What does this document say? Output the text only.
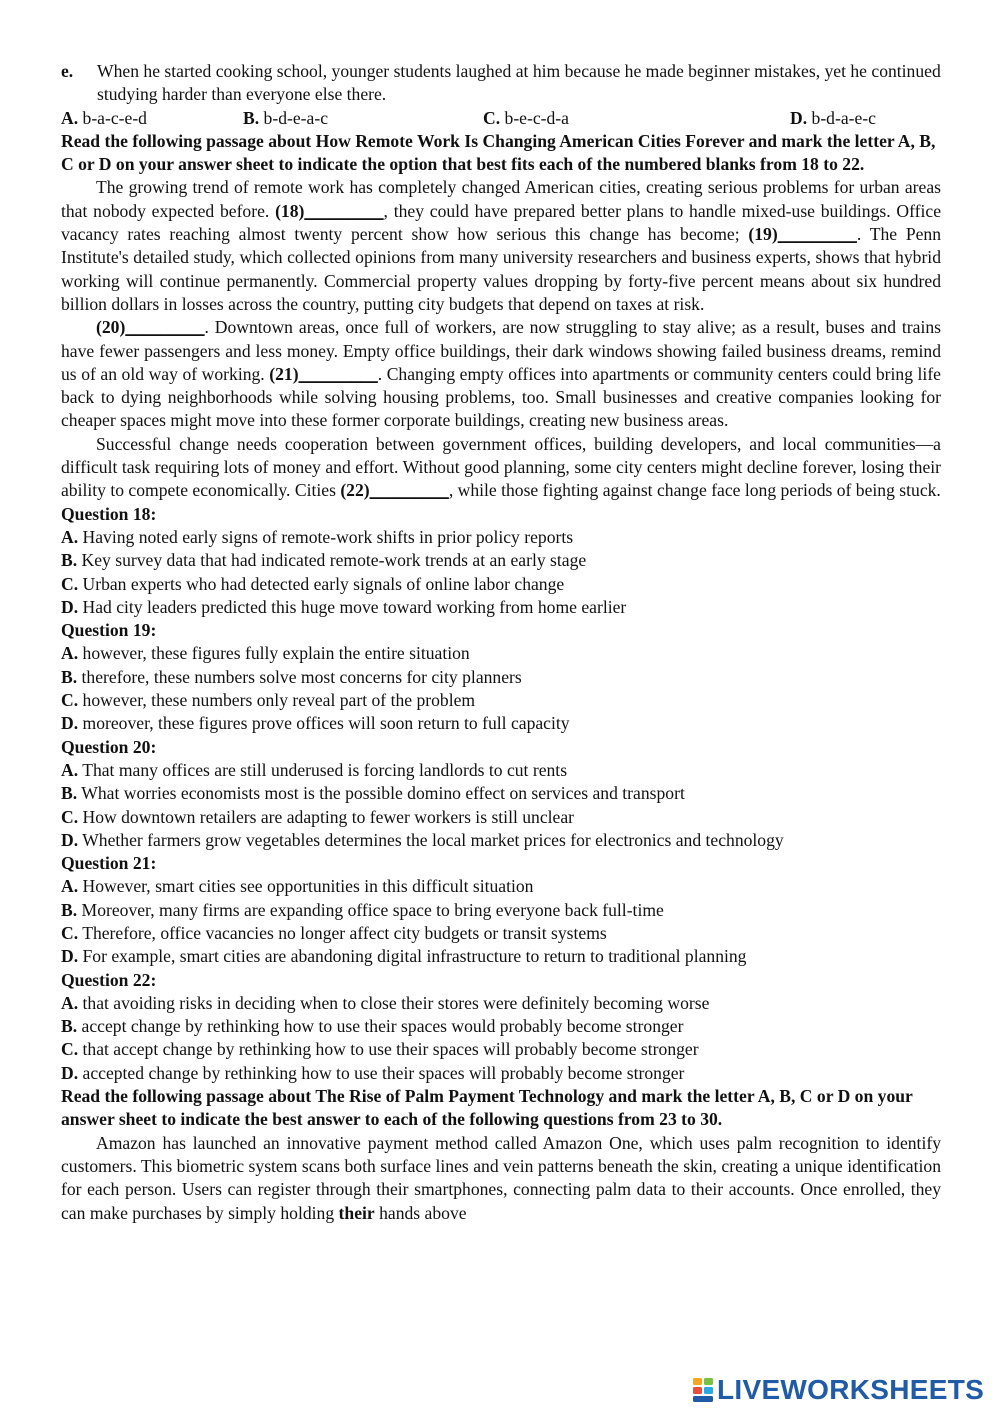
e.	When he started cooking school, younger students laughed at him because he made beginner mistakes, yet he continued studying harder than everyone else there.
A. b-a-c-e-d	B. b-d-e-a-c	C. b-e-c-d-a	D. b-d-a-e-c
Read the following passage about How Remote Work Is Changing American Cities Forever and mark the letter A, B, C or D on your answer sheet to indicate the option that best fits each of the numbered blanks from 18 to 22.

The growing trend of remote work has completely changed American cities, creating serious problems for urban areas that nobody expected before. (18)_________, they could have prepared better plans to handle mixed-use buildings. Office vacancy rates reaching almost twenty percent show how serious this change has become; (19)_________. The Penn Institute's detailed study, which collected opinions from many university researchers and business experts, shows that hybrid working will continue permanently. Commercial property values dropping by forty-five percent means about six hundred billion dollars in losses across the country, putting city budgets that depend on taxes at risk.

(20)_________. Downtown areas, once full of workers, are now struggling to stay alive; as a result, buses and trains have fewer passengers and less money. Empty office buildings, their dark windows showing failed business dreams, remind us of an old way of working. (21)_________. Changing empty offices into apartments or community centers could bring life back to dying neighborhoods while solving housing problems, too. Small businesses and creative companies looking for cheaper spaces might move into these former corporate buildings, creating new business areas.

Successful change needs cooperation between government offices, building developers, and local communities—a difficult task requiring lots of money and effort. Without good planning, some city centers might decline forever, losing their ability to compete economically. Cities (22)_________, while those fighting against change face long periods of being stuck.

Question 18:
A. Having noted early signs of remote-work shifts in prior policy reports
B. Key survey data that had indicated remote-work trends at an early stage
C. Urban experts who had detected early signals of online labor change
D. Had city leaders predicted this huge move toward working from home earlier
Question 19:
A. however, these figures fully explain the entire situation
B. therefore, these numbers solve most concerns for city planners
C. however, these numbers only reveal part of the problem
D. moreover, these figures prove offices will soon return to full capacity
Question 20:
A. That many offices are still underused is forcing landlords to cut rents
B. What worries economists most is the possible domino effect on services and transport
C. How downtown retailers are adapting to fewer workers is still unclear
D. Whether farmers grow vegetables determines the local market prices for electronics and technology
Question 21:
A. However, smart cities see opportunities in this difficult situation
B. Moreover, many firms are expanding office space to bring everyone back full-time
C. Therefore, office vacancies no longer affect city budgets or transit systems
D. For example, smart cities are abandoning digital infrastructure to return to traditional planning
Question 22:
A. that avoiding risks in deciding when to close their stores were definitely becoming worse
B. accept change by rethinking how to use their spaces would probably become stronger
C. that accept change by rethinking how to use their spaces will probably become stronger
D. accepted change by rethinking how to use their spaces will probably become stronger
Read the following passage about The Rise of Palm Payment Technology and mark the letter A, B, C or D on your answer sheet to indicate the best answer to each of the following questions from 23 to 30.

Amazon has launched an innovative payment method called Amazon One, which uses palm recognition to identify customers. This biometric system scans both surface lines and vein patterns beneath the skin, creating a unique identification for each person. Users can register through their smartphones, connecting palm data to their accounts. Once enrolled, they can make purchases by simply holding their hands above

LIVEWORKSHEETS
